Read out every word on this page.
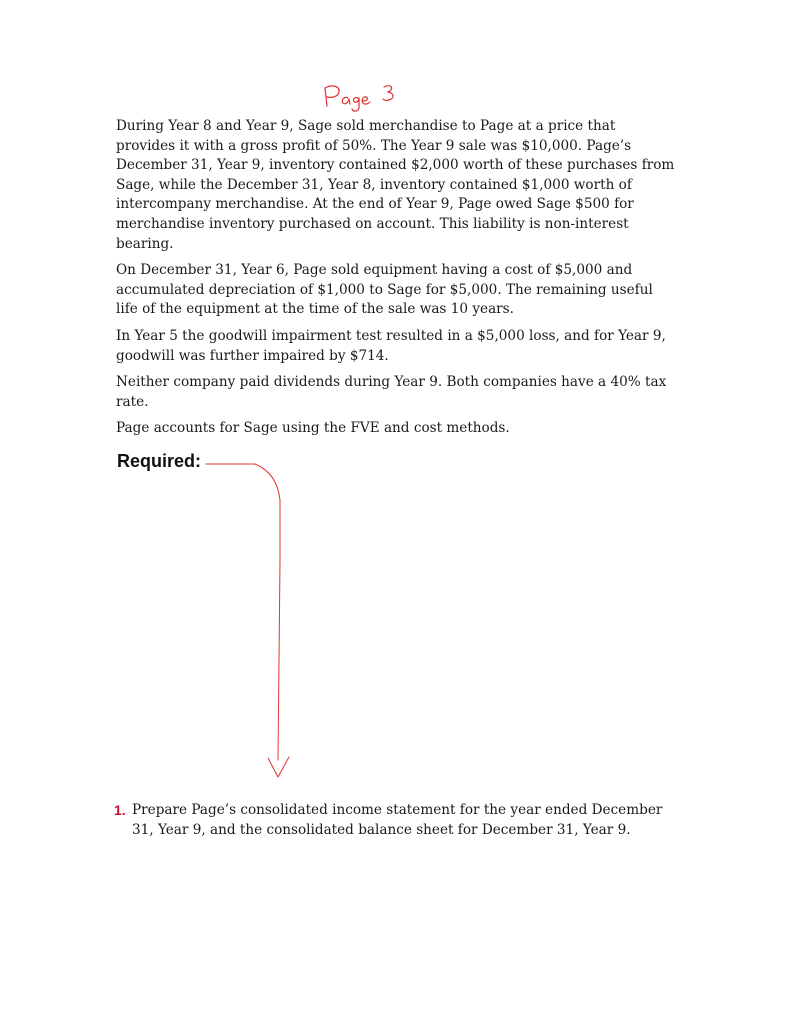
During Year 8 and Year 9, Sage sold merchandise to Page at a price that provides it with a gross profit of 50%. The Year 9 sale was $10,000. Page’s December 31, Year 9, inventory contained $2,000 worth of these purchases from Sage, while the December 31, Year 8, inventory contained $1,000 worth of intercompany merchandise. At the end of Year 9, Page owed Sage $500 for merchandise inventory purchased on account. This liability is non-interest bearing.

On December 31, Year 6, Page sold equipment having a cost of $5,000 and accumulated depreciation of $1,000 to Sage for $5,000. The remaining useful life of the equipment at the time of the sale was 10 years.

In Year 5 the goodwill impairment test resulted in a $5,000 loss, and for Year 9, goodwill was further impaired by $714.

Neither company paid dividends during Year 9. Both companies have a 40% tax rate.

Page accounts for Sage using the FVE and cost methods.

Required:
1. Prepare Page’s consolidated income statement for the year ended December 31, Year 9, and the consolidated balance sheet for December 31, Year 9.
